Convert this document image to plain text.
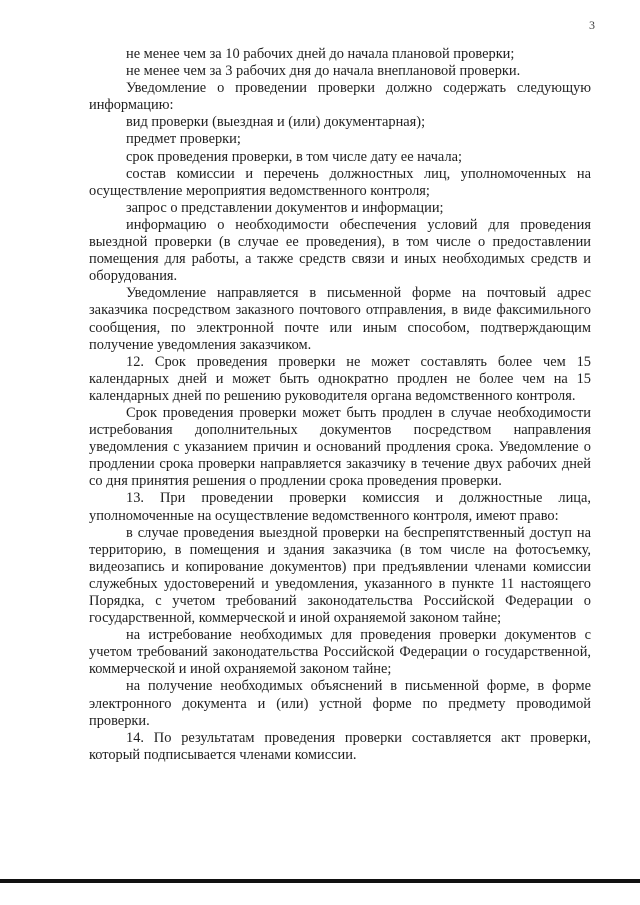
3

не менее чем за 10 рабочих дней до начала плановой проверки;

не менее чем за 3 рабочих дня до начала внеплановой проверки.

Уведомление о проведении проверки должно содержать следующую информацию:

вид проверки (выездная и (или) документарная);

предмет проверки;

срок проведения проверки, в том числе дату ее начала;

состав комиссии и перечень должностных лиц, уполномоченных на осуществление мероприятия ведомственного контроля;

запрос о представлении документов и информации;

информацию о необходимости обеспечения условий для проведения выездной проверки (в случае ее проведения), в том числе о предоставлении помещения для работы, а также средств связи и иных необходимых средств и оборудования.

Уведомление направляется в письменной форме на почтовый адрес заказчика посредством заказного почтового отправления, в виде факсимильного сообщения, по электронной почте или иным способом, подтверждающим получение уведомления заказчиком.

12. Срок проведения проверки не может составлять более чем 15 календарных дней и может быть однократно продлен не более чем на 15 календарных дней по решению руководителя органа ведомственного контроля.

Срок проведения проверки может быть продлен в случае необходимости истребования дополнительных документов посредством направления уведомления с указанием причин и оснований продления срока. Уведомление о продлении срока проверки направляется заказчику в течение двух рабочих дней со дня принятия решения о продлении срока проведения проверки.

13. При проведении проверки комиссия и должностные лица, уполномоченные на осуществление ведомственного контроля, имеют право:

в случае проведения выездной проверки на беспрепятственный доступ на территорию, в помещения и здания заказчика (в том числе на фотосъемку, видеозапись и копирование документов) при предъявлении членами комиссии служебных удостоверений и уведомления, указанного в пункте 11 настоящего Порядка, с учетом требований законодательства Российской Федерации о государственной, коммерческой и иной охраняемой законом тайне;

на истребование необходимых для проведения проверки документов с учетом требований законодательства Российской Федерации о государственной, коммерческой и иной охраняемой законом тайне;

на получение необходимых объяснений в письменной форме, в форме электронного документа и (или) устной форме по предмету проводимой проверки.

14. По результатам проведения проверки составляется акт проверки, который подписывается членами комиссии.
